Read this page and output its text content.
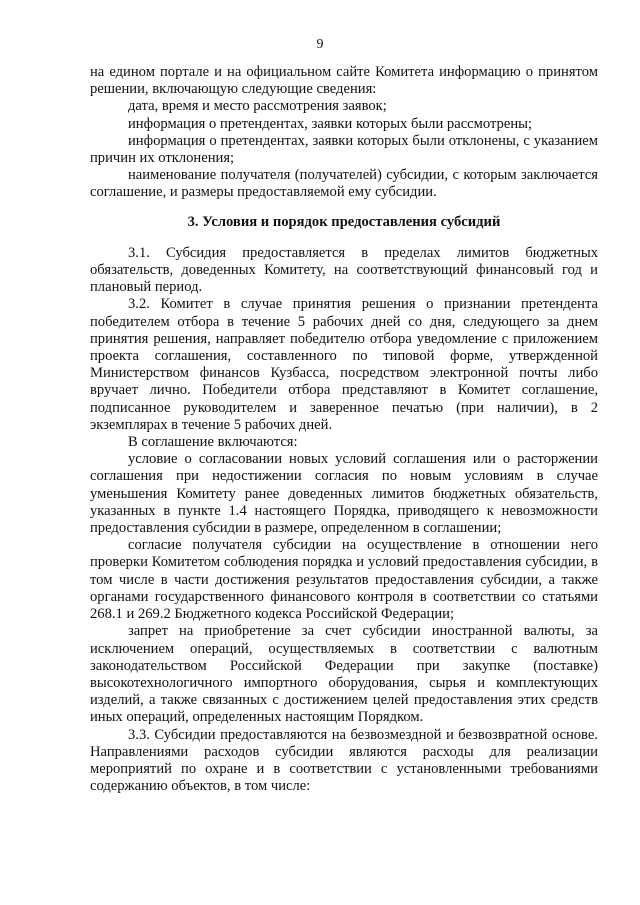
9

на едином портале и на официальном сайте Комитета информацию о принятом решении, включающую следующие сведения:

дата, время и место рассмотрения заявок;

информация о претендентах, заявки которых были рассмотрены;

информация о претендентах, заявки которых были отклонены, с указанием причин их отклонения;

наименование получателя (получателей) субсидии, с которым заключается соглашение, и размеры предоставляемой ему субсидии.

3. Условия и порядок предоставления субсидий

3.1. Субсидия предоставляется в пределах лимитов бюджетных обязательств, доведенных Комитету, на соответствующий финансовый год и плановый период.

3.2. Комитет в случае принятия решения о признании претендента победителем отбора в течение 5 рабочих дней со дня, следующего за днем принятия решения, направляет победителю отбора уведомление с приложением проекта соглашения, составленного по типовой форме, утвержденной Министерством финансов Кузбасса, посредством электронной почты либо вручает лично. Победители отбора представляют в Комитет соглашение, подписанное руководителем и заверенное печатью (при наличии), в 2 экземплярах в течение 5 рабочих дней.

В соглашение включаются:

условие о согласовании новых условий соглашения или о расторжении соглашения при недостижении согласия по новым условиям в случае уменьшения Комитету ранее доведенных лимитов бюджетных обязательств, указанных в пункте 1.4 настоящего Порядка, приводящего к невозможности предоставления субсидии в размере, определенном в соглашении;

согласие получателя субсидии на осуществление в отношении него проверки Комитетом соблюдения порядка и условий предоставления субсидии, в том числе в части достижения результатов предоставления субсидии, а также органами государственного финансового контроля в соответствии со статьями 268.1 и 269.2 Бюджетного кодекса Российской Федерации;

запрет на приобретение за счет субсидии иностранной валюты, за исключением операций, осуществляемых в соответствии с валютным законодательством Российской Федерации при закупке (поставке) высокотехнологичного импортного оборудования, сырья и комплектующих изделий, а также связанных с достижением целей предоставления этих средств иных операций, определенных настоящим Порядком.

3.3. Субсидии предоставляются на безвозмездной и безвозвратной основе. Направлениями расходов субсидии являются расходы для реализации мероприятий по охране и в соответствии с установленными требованиями содержанию объектов, в том числе:
